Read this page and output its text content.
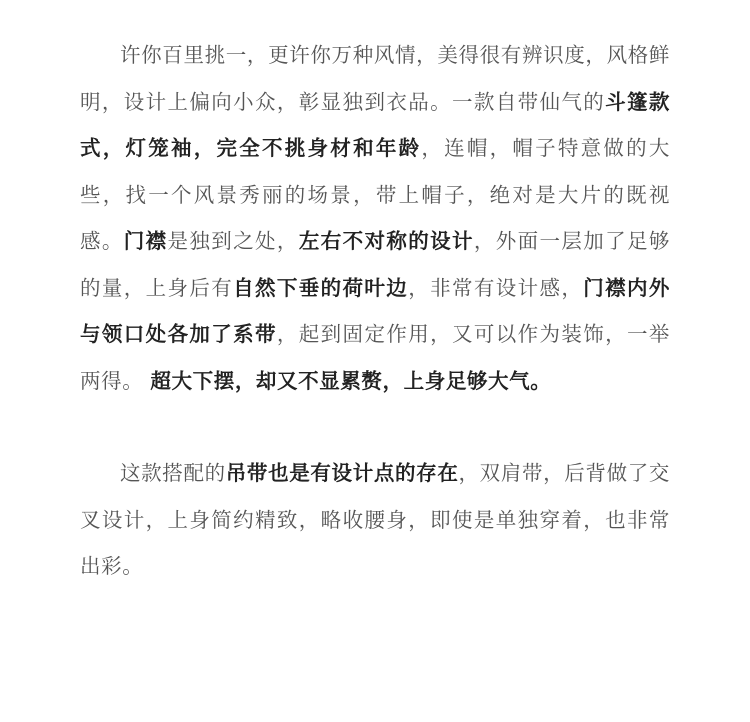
许你百里挑一，更许你万种风情，美得很有辨识度，风格鲜明，设计上偏向小众，彰显独到衣品。一款自带仙气的斗篷款式，灯笼袖，完全不挑身材和年龄，连帽，帽子特意做的大些，找一个风景秀丽的场景，带上帽子，绝对是大片的既视感。门襟是独到之处，左右不对称的设计，外面一层加了足够的量，上身后有自然下垂的荷叶边，非常有设计感，门襟内外与领口处各加了系带，起到固定作用，又可以作为装饰，一举两得。 超大下摆，却又不显累赘，上身足够大气。

这款搭配的吊带也是有设计点的存在，双肩带，后背做了交叉设计，上身简约精致，略收腰身，即使是单独穿着，也非常出彩。
